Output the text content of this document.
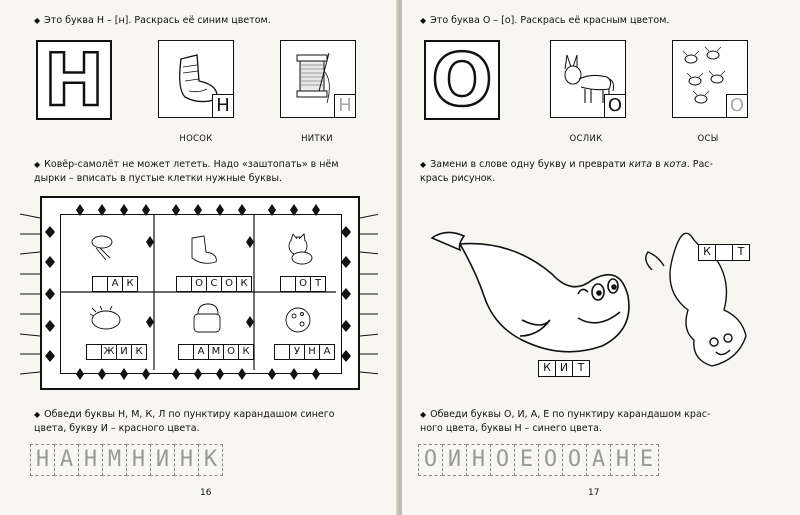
◆ Это буква Н – [н]. Раскрась её синим цветом.
Н	Н
НОСОК
Н
НИТКИ
◆ Ковёр-самолёт не может лететь. Надо «заштопать» в нём
дырки – вписать в пустые клетки нужные буквы.
А К	О С О К	О Т
Ж И К	А М О К	У Н А
◆ Обведи буквы Н, М, К, Л по пунктиру карандашом синего
цвета, букву И – красного цвета.
Н А Н М Н И Н К
16
◆ Это буква О – [о]. Раскрась её красным цветом.
О	О
ОСЛИК
О
ОСЫ
◆ Замени в слове одну букву и преврати кита в кота. Рас-
крась рисунок.
К	Т
К И Т
◆ Обведи буквы О, И, А, Е по пунктиру карандашом крас-
ного цвета, буквы Н – синего цвета.
О И Н О Е О О А Н Е
17
